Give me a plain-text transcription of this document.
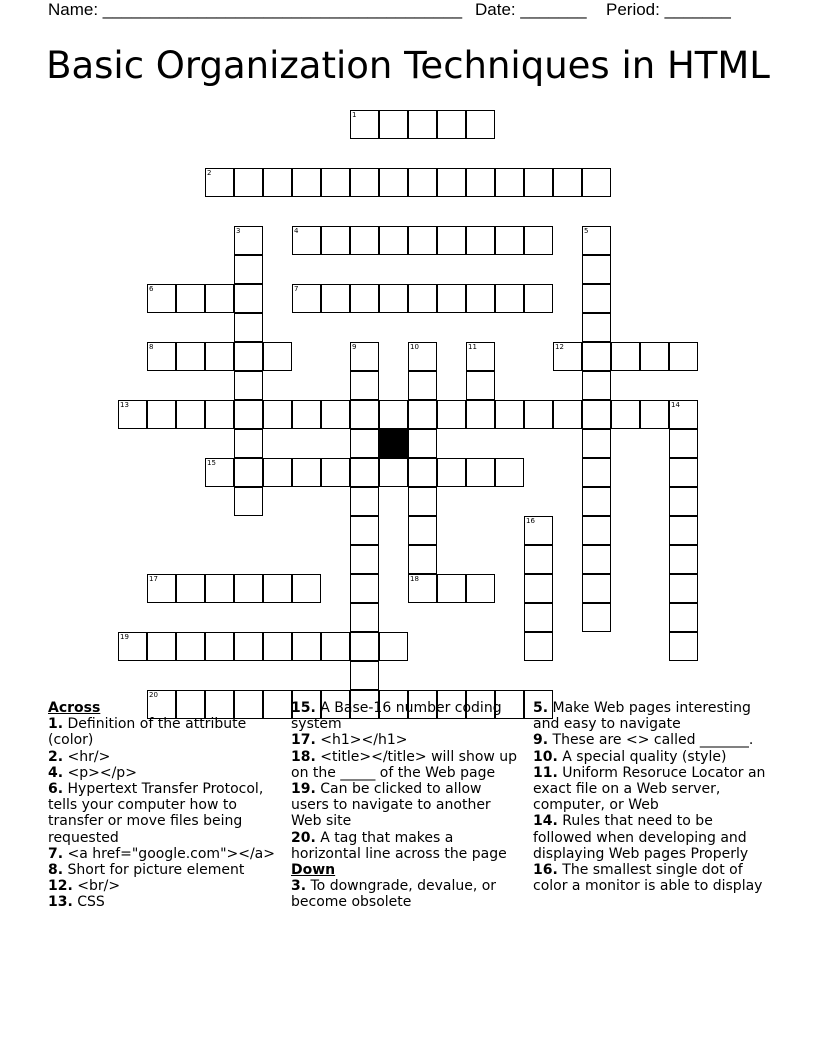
Name: ______________________________________ Date: _______ Period: _______
Basic Organization Techniques in HTML
1
2
4
6	7
8	12
13	14
15
17	18
19
20
3	5
9	10	11
16
Across
1. Definition of the attribute (color)
2. <hr/>
4. <p></p>
6. Hypertext Transfer Protocol, tells your computer how to transfer or move files being requested
7. <a href="google.com"></a>
8. Short for picture element
12. <br/>
13. CSS
15. A Base-16 number coding system
17. <h1></h1>
18. <title></title> will show up on the _____ of the Web page
19. Can be clicked to allow users to navigate to another Web site
20. A tag that makes a horizontal line across the page
Down
3. To downgrade, devalue, or become obsolete
5. Make Web pages interesting and easy to navigate
9. These are <> called _______.
10. A special quality (style)
11. Uniform Resoruce Locator an exact file on a Web server, computer, or Web
14. Rules that need to be followed when developing and displaying Web pages Properly
16. The smallest single dot of color a monitor is able to display
